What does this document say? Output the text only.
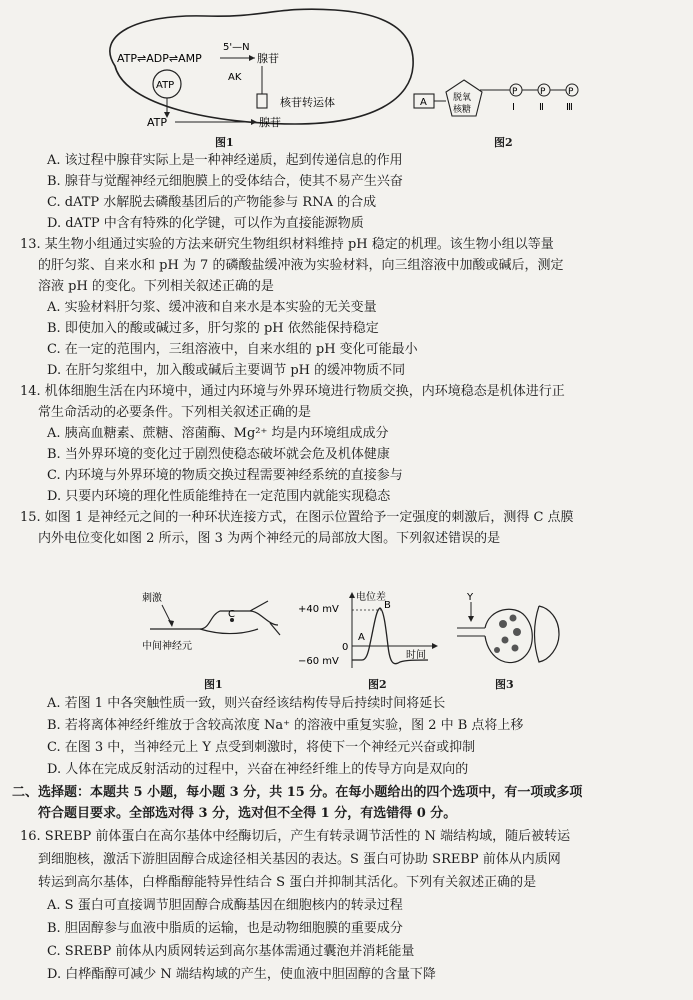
ATP⇌ADP⇌AMP
5'—N
AK
腺苷
ATP
核苷转运体
ATP	腺苷
图1
A	脱氧
核糖
P	P	P
Ⅰ Ⅱ Ⅲ
图2
A. 该过程中腺苷实际上是一种神经递质，起到传递信息的作用
B. 腺苷与觉醒神经元细胞膜上的受体结合，使其不易产生兴奋
C. dATP 水解脱去磷酸基团后的产物能参与 RNA 的合成
D. dATP 中含有特殊的化学键，可以作为直接能源物质
13. 某生物小组通过实验的方法来研究生物组织材料维持 pH 稳定的机理。该生物小组以等量
的肝匀浆、自来水和 pH 为 7 的磷酸盐缓冲液为实验材料，向三组溶液中加酸或碱后，测定
溶液 pH 的变化。下列相关叙述正确的是
A. 实验材料肝匀浆、缓冲液和自来水是本实验的无关变量
B. 即使加入的酸或碱过多，肝匀浆的 pH 依然能保持稳定
C. 在一定的范围内，三组溶液中，自来水组的 pH 变化可能最小
D. 在肝匀浆组中，加入酸或碱后主要调节 pH 的缓冲物质不同
14. 机体细胞生活在内环境中，通过内环境与外界环境进行物质交换，内环境稳态是机体进行正
常生命活动的必要条件。下列相关叙述正确的是
A. 胰高血糖素、蔗糖、溶菌酶、Mg²⁺ 均是内环境组成成分
B. 当外界环境的变化过于剧烈使稳态破坏就会危及机体健康
C. 内环境与外界环境的物质交换过程需要神经系统的直接参与
D. 只要内环境的理化性质能维持在一定范围内就能实现稳态
15. 如图 1 是神经元之间的一种环状连接方式，在图示位置给予一定强度的刺激后，测得 C 点膜
内外电位变化如图 2 所示，图 3 为两个神经元的局部放大图。下列叙述错误的是
刺激
C
中间神经元
图1
电位差
+40 mV
0
−60 mV
A
B
时间
图2
Y
图3
A. 若图 1 中各突触性质一致，则兴奋经该结构传导后持续时间将延长
B. 若将离体神经纤维放于含较高浓度 Na⁺ 的溶液中重复实验，图 2 中 B 点将上移
C. 在图 3 中，当神经元上 Y 点受到刺激时，将使下一个神经元兴奋或抑制
D. 人体在完成反射活动的过程中，兴奋在神经纤维上的传导方向是双向的
二、选择题：本题共 5 小题，每小题 3 分，共 15 分。在每小题给出的四个选项中，有一项或多项
符合题目要求。全部选对得 3 分，选对但不全得 1 分，有选错得 0 分。
16. SREBP 前体蛋白在高尔基体中经酶切后，产生有转录调节活性的 N 端结构域，随后被转运
到细胞核，激活下游胆固醇合成途径相关基因的表达。S 蛋白可协助 SREBP 前体从内质网
转运到高尔基体，白桦酯醇能特异性结合 S 蛋白并抑制其活化。下列有关叙述正确的是
A. S 蛋白可直接调节胆固醇合成酶基因在细胞核内的转录过程
B. 胆固醇参与血液中脂质的运输，也是动物细胞膜的重要成分
C. SREBP 前体从内质网转运到高尔基体需通过囊泡并消耗能量
D. 白桦酯醇可减少 N 端结构域的产生，使血液中胆固醇的含量下降
